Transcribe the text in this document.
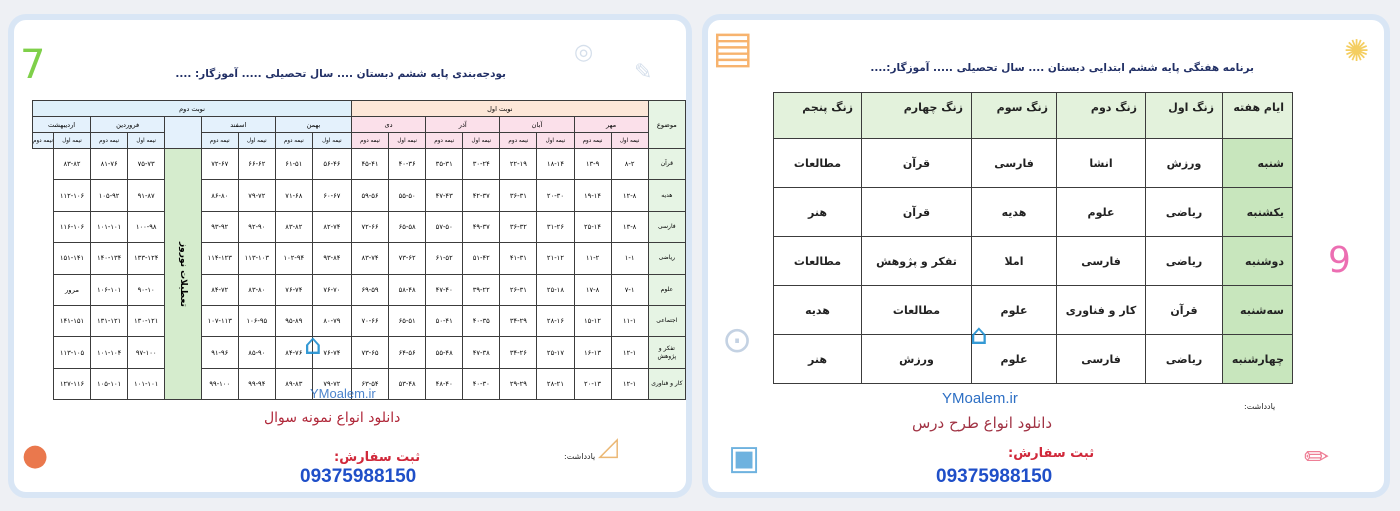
7	◎
✎
بودجه‌بندی پایه ششم دبستان .... سال تحصیلی ..... آموزگار: ....
موضوع	نوبت اول								نوبت دوم								
	مهر		آبان		آذر		دی		بهمن		اسفند			فروردین		اردیبهشت	
	نیمه اول	نیمه دوم	نیمه اول	نیمه دوم	نیمه اول	نیمه دوم	نیمه اول	نیمه دوم	نیمه اول	نیمه دوم	نیمه اول	نیمه دوم		نیمه اول	نیمه دوم	نیمه اول	نیمه دوم
قرآن	۸-۲	۱۳-۹	۱۸-۱۴	۲۲-۱۹	۳۰-۲۴	۳۵-۳۱	۴۰-۳۶	۴۵-۴۱	۵۶-۴۶	۶۱-۵۱	۶۶-۶۲	۷۲-۶۷	تعطیلات نوروز	۷۵-۷۳	۸۱-۷۶	۸۳-۸۲	
هدیه	۱۲-۸	۱۹-۱۴	۲۰-۳۰	۳۶-۳۱	۴۲-۳۷	۴۷-۴۳	۵۵-۵۰	۵۹-۵۶	۶۰-۶۷	۷۱-۶۸	۷۹-۷۲	۸۶-۸۰		۹۱-۸۷	۱۰۵-۹۲	۱۱۲-۱۰۶	
فارسی	۱۳-۸	۲۵-۱۴	۳۱-۲۶	۳۶-۳۲	۴۹-۳۷	۵۷-۵۰	۶۵-۵۸	۷۲-۶۶	۸۲-۷۴	۸۳-۸۲	۹۲-۹۰	۹۳-۹۲		۱۰۰-۹۸	۱۰۱-۱۰۱	۱۱۶-۱۰۶	
ریاضی	۱-۱	۱۱-۲	۲۱-۱۲	۴۱-۳۱	۵۱-۴۲	۶۱-۵۲	۷۳-۶۲	۸۳-۷۴	۹۳-۸۴	۱۰۲-۹۴	۱۱۳-۱۰۳	۱۱۴-۱۲۳		۱۳۳-۱۲۴	۱۴۰-۱۳۴	۱۵۱-۱۴۱	
علوم	۷-۱	۱۷-۸	۲۵-۱۸	۲۶-۳۱	۳۹-۲۲	۴۷-۴۰	۵۸-۴۸	۶۹-۵۹	۷۶-۷۰	۷۶-۷۴	۸۳-۸۰	۸۴-۷۲		۹۰-۱۰	۱۰۶-۱۰۱	مرور	
اجتماعی	۱۱-۱	۱۵-۱۲	۲۸-۱۶	۳۴-۲۹	۴۰-۳۵	۵۰-۴۱	۶۵-۵۱	۷۰-۶۶	۸۰-۷۹	۹۵-۸۹	۱۰۶-۹۵	۱۰۷-۱۱۳		۱۳۰-۱۲۱	۱۳۱-۱۲۱	۱۴۱-۱۵۱	
تفکر و پژوهش	۱۲-۱	۱۶-۱۳	۲۵-۱۷	۳۴-۲۶	۴۷-۳۸	۵۵-۴۸	۶۴-۵۶	۷۳-۶۵	۷۶-۷۴	۸۴-۷۶	۸۵-۹۰	۹۱-۹۶		۹۷-۱۰۰	۱۰۱-۱۰۴	۱۱۳-۱۰۵	
کار و فناوری	۱۲-۱	۲۰-۱۳	۲۸-۲۱	۲۹-۲۹	۴۰-۳۰	۴۸-۴۰	۵۳-۴۸	۶۳-۵۴	۷۹-۷۲	۸۹-۸۳	۹۹-۹۴	۹۹-۱۰۰		۱۰۱-۱۰۱	۱۰۵-۱۰۱	۱۲۷-۱۱۶	
●	◿
⌂
YMoalem.ir
دانلود انواع نمونه سوال
یادداشت:
ثبت سفارش:
09375988150
▤	✺
برنامه هفتگی پایه ششم ابتدایی دبستان .... سال تحصیلی ..... آموزگار:....
ایام هفته	زنگ اول	زنگ دوم	زنگ سوم	زنگ چهارم	زنگ پنجم
شنبه	ورزش	انشا	فارسی	قرآن	مطالعات
یکشنبه	ریاضی	علوم	هدیه	قرآن	هنر
دوشنبه	ریاضی	فارسی	املا	تفکر و پژوهش	مطالعات
سه‌شنبه	قرآن	کار و فناوری	علوم	مطالعات	هدیه
چهارشنبه	ریاضی	فارسی	علوم	ورزش	هنر
9
⊙
▣	✏
⌂
یادداشت:
YMoalem.ir
دانلود انواع طرح درس
ثبت سفارش:
09375988150
